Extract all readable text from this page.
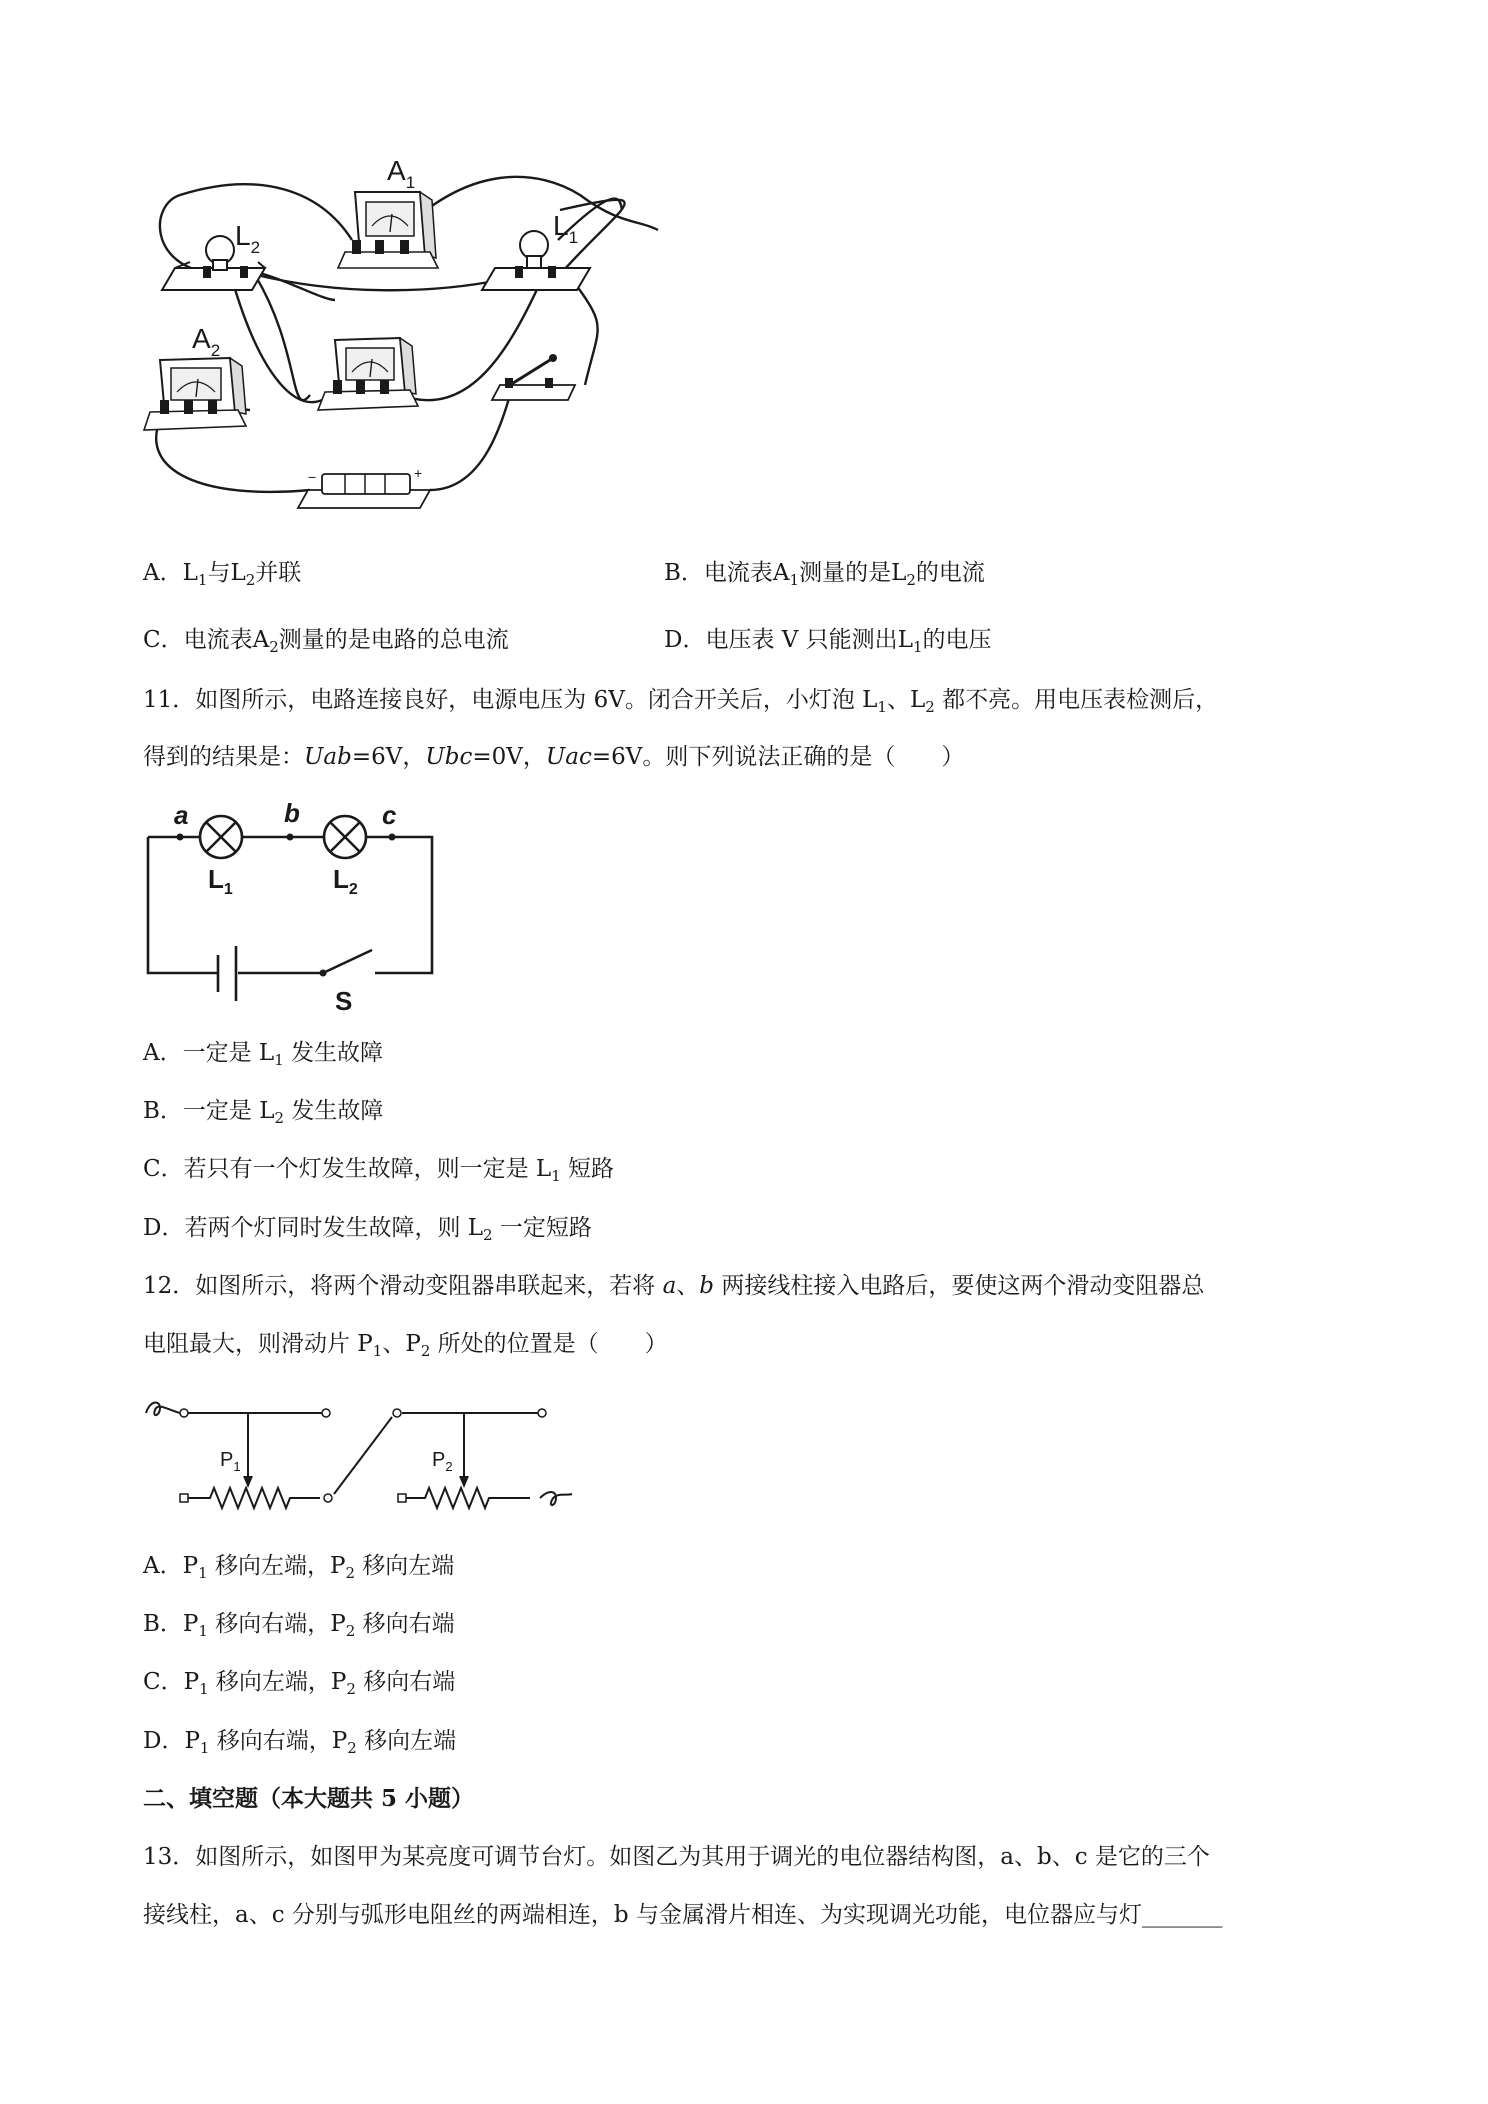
$L_2$
$L_1$
$A_1$
$A_2$
−	+
A．$L_1$与$L_2$并联	B．电流表$A_1$测量的是$L_2$的电流
C．电流表$A_2$测量的是电路的总电流	D．电压表 V 只能测出$L_1$的电压
11．如图所示，电路连接良好，电源电压为 6V。闭合开关后，小灯泡 $L_1$、$L_2$ 都不亮。用电压表检测后，
得到的结果是：Uab=6V，Ubc=0V，Uac=6V。则下列说法正确的是（　　）
a	b	c
$L_1$	$L_2$
S
A．一定是 $L_1$ 发生故障
B．一定是 $L_2$ 发生故障
C．若只有一个灯发生故障，则一定是 $L_1$ 短路
D．若两个灯同时发生故障，则 $L_2$ 一定短路
12．如图所示，将两个滑动变阻器串联起来，若将 a、b 两接线柱接入电路后，要使这两个滑动变阻器总
电阻最大，则滑动片 $P_1$、$P_2$ 所处的位置是（　　）
$P_1$	$P_2$
A．$P_1$ 移向左端，$P_2$ 移向左端
B．$P_1$ 移向右端，$P_2$ 移向右端
C．$P_1$ 移向左端，$P_2$ 移向右端
D．$P_1$ 移向右端，$P_2$ 移向左端
二、填空题（本大题共 5 小题）
13．如图所示，如图甲为某亮度可调节台灯。如图乙为其用于调光的电位器结构图，a、b、c 是它的三个
接线柱，a、c 分别与弧形电阻丝的两端相连，b 与金属滑片相连、为实现调光功能，电位器应与灯_______
